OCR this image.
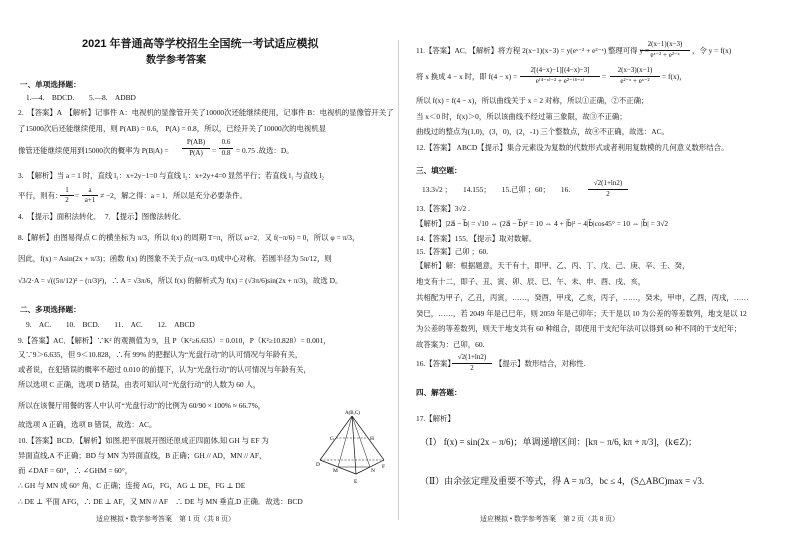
2021 年普通高等学校招生全国统一考试适应模拟
数学参考答案
一、单项选择题：
1.—4.　BDCD.　　5.—8.　ADBD
2.　【答案】A　【解析】记事件 A：电视机的显像管开关了10000次还能继续使用，记事件 B：电视机的显像管开关了
了15000次后还能继续使用，则 P(AB) = 0.6， P(A) = 0.8，所以，已经开关了10000次的电视机显
像管还能继续使用到15000次的概率为 P(B|A) =
P(AB)
P(A)	=
0.6
0.8 = 0.75 .故选：D。
3.　【解析】当 a = 1 时，直线 l₁：x+2y−1=0 与直线 l₂：x+2y+4=0 显然平行；若直线 l₁ 与直线 l₂
平行，则有：
1
2 =
a
a+1 ≠ −2，解之得：a = 1．所以是充分必要条件。
4.　【提示】面积法转化．　7．【提示】图像法转化．
8.【解析】由图易得点 C 的横坐标为 π/3，所以 f(x) 的周期 T=π，所以 ω=2．又 f(−π/6) = 0，所以 φ = π/3，
因此，f(x) = Asin(2x + π/3)；函数 f(x) 的图象不关于点(−π/3, 0)成中心对称．若圆半径为 5π/12，则
√3/2·A = √((5π/12)² − (π/3)²)，∴ A = √3π/6，所以 f(x) 的解析式为 f(x) = (√3π/6)sin(2x + π/3)，故选 D。
二、多项选择题：
9.　AC.　　10.　BCD.　　11.　AC.　　12.　ABCD
9.【答案】AC．【解析】∵K² 的观测值为 9，且 P（K²≥6.635）= 0.010，P（K²≥10.828）= 0.001，
又∵9＞6.635，但 9＜10.828，∴有 99% 的把握认为“光盘行动”的认可情况与年龄有关，
或者说，在犯错误的概率不超过 0.010 的前提下，认为“光盘行动”的认可情况与年龄有关，
所以选项 C 正确，选项 D 错误，由表可知认可“光盘行动”的人数为 60 人，
所以在该餐厅用餐的客人中认可“光盘行动”的比例为 60/90 × 100% ≈ 66.7%，
故选项 A 正确，选项 B 错误，故选：AC。
10.【答案】BCD．【解析】如图,把平面展开图还原成正四面体,知 GH 与 EF 为
异面直线,A 不正确；BD 与 MN 为异面直线，B 正确；GH // AD，MN // AF，
而 ∠DAF = 60°，∴ ∠GHM = 60°，
∴ GH 与 MN 成 60° 角，C 正确；连接 AG，FG，AG ⊥ DE，FG ⊥ DE
∴ DE ⊥ 平面 AFG，∴ DE ⊥ AF，又 MN // AF　∴ DE 与 MN 垂直,D 正确．故选：BCD
A(B,C)
G	H
D
M	N
E
F
适应模拟 • 数学参考答案　第 1 页（共 8 页）
11.【答案】AC．【解析】将方程 2(x−1)(x−3) = y(eˣ⁻² + e²⁻ˣ) 整理可得 y =
2(x−1)(x−3)
eˣ⁻² + e²⁻ˣ	，令 y = f(x)
将 x 换成 4 − x 时，即 f(4 − x) =
2[(4−x)−1][(4−x)−3]
e⁽⁴⁻ˣ⁾⁻² + e²⁻⁽⁴⁻ˣ⁾	=
2(x−3)(x−1)
e²⁻ˣ + eˣ⁻²	= f(x)，
所以 f(x) = f(4 − x)，所以曲线关于 x = 2 对称，所以①正确，②不正确；
当 x＜0 时，f(x)＞0，所以该曲线不经过第三象限，故③不正确；
曲线过的整点为(1,0)，(3，0)，(2，-1) 三个整数点，故④不正确，故选：AC。
12.【答案】 ABCD【提示】集合元素设为复数的代数形式或者利用复数模的几何意义数形结合。
三、填空题：
13.3√2 ；　　14.155；　　15.己卯 ；60；　　16.
√2(1+ln2)
2
13.【答案】3√2 .
【解析】|2a⃗ − b⃗| = √10 ⇔ (2a⃗ − b⃗)² = 10 ⇔ 4 + |b⃗|² − 4|b⃗|cos45° = 10 ⇔ |b⃗| = 3√2
14.【答案】155．【提示】取对数解。
15.【答案】己卯 ；60.
【解析】解：根据题意，天干有十，即甲、乙、丙、丁、戊、己、庚、辛、壬、癸，
地支有十二，即子、丑、寅、卯、辰、巳、午、未、申、酉、戌、亥，
共相配为甲子，乙丑，丙寅，……，癸酉，甲戌，乙亥，丙子，……，癸未，甲申，乙酉，丙戌，……
癸巳，……，若 2049 年是己巳年，则 2059 年是己卯年；天干是以 10 为公差的等差数列，地支是以 12
为公差的等差数列，则天干地支共有 60 种组合，即使用干支纪年法可以得到 60 种不同的干支纪年；
故答案为：己卯，60.
16.【答案】
√2(1+ln2)
2	【提示】数形结合，对称性.
四、解答题：
17.【解析】
（Ⅰ） f(x) = sin(2x − π/6)；单调递增区间：[kπ − π/6, kπ + π/3]，(k∈Z)；
（Ⅱ）由余弦定理及重要不等式，得 A = π/3，bc ≤ 4，(S△ABC)max = √3.
适应模拟 • 数学参考答案　第 2 页（共 8 页）
